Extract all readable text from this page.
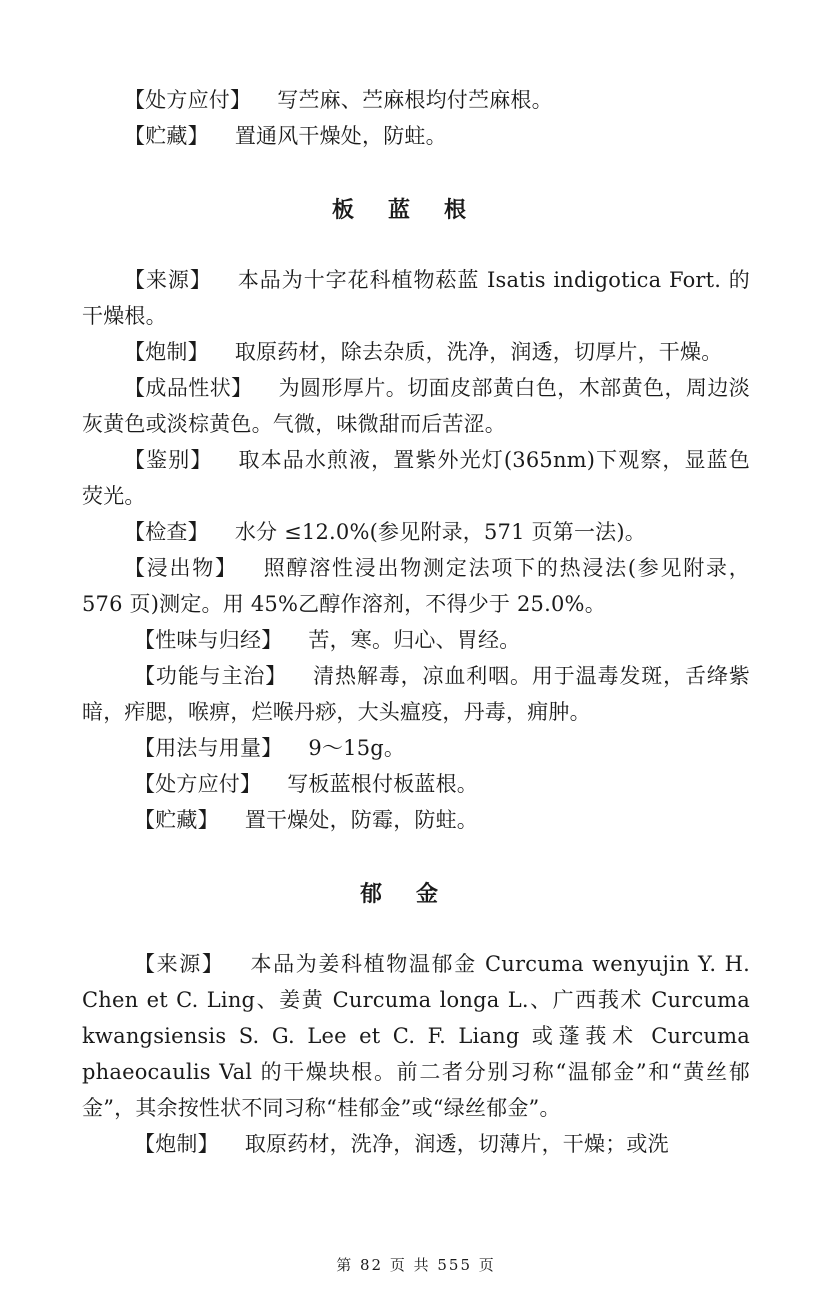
【处方应付】 写苎麻、苎麻根均付苎麻根。

【贮藏】 置通风干燥处，防蛀。

板蓝根

【来源】 本品为十字花科植物菘蓝 Isatis indigotica Fort. 的干燥根。

【炮制】 取原药材，除去杂质，洗净，润透，切厚片，干燥。

【成品性状】 为圆形厚片。切面皮部黄白色，木部黄色，周边淡灰黄色或淡棕黄色。气微，味微甜而后苦涩。

【鉴别】 取本品水煎液，置紫外光灯(365nm)下观察，显蓝色荧光。

【检查】 水分 ≤12.0%(参见附录，571 页第一法)。

【浸出物】 照醇溶性浸出物测定法项下的热浸法(参见附录，576 页)测定。用 45%乙醇作溶剂，不得少于 25.0%。

【性味与归经】 苦，寒。归心、胃经。

【功能与主治】 清热解毒，凉血利咽。用于温毒发斑，舌绛紫暗，痄腮，喉痹，烂喉丹痧，大头瘟疫，丹毒，痈肿。

【用法与用量】 9～15g。

【处方应付】 写板蓝根付板蓝根。

【贮藏】 置干燥处，防霉，防蛀。

郁金

【来源】 本品为姜科植物温郁金 Curcuma wenyujin Y. H. Chen et C. Ling、姜黄 Curcuma longa L.、广西莪术 Curcuma kwangsiensis S. G. Lee et C. F. Liang 或蓬莪术 Curcuma phaeocaulis Val 的干燥块根。前二者分别习称“温郁金”和“黄丝郁金”，其余按性状不同习称“桂郁金”或“绿丝郁金”。

【炮制】 取原药材，洗净，润透，切薄片，干燥；或洗

第 82 页 共 555 页
